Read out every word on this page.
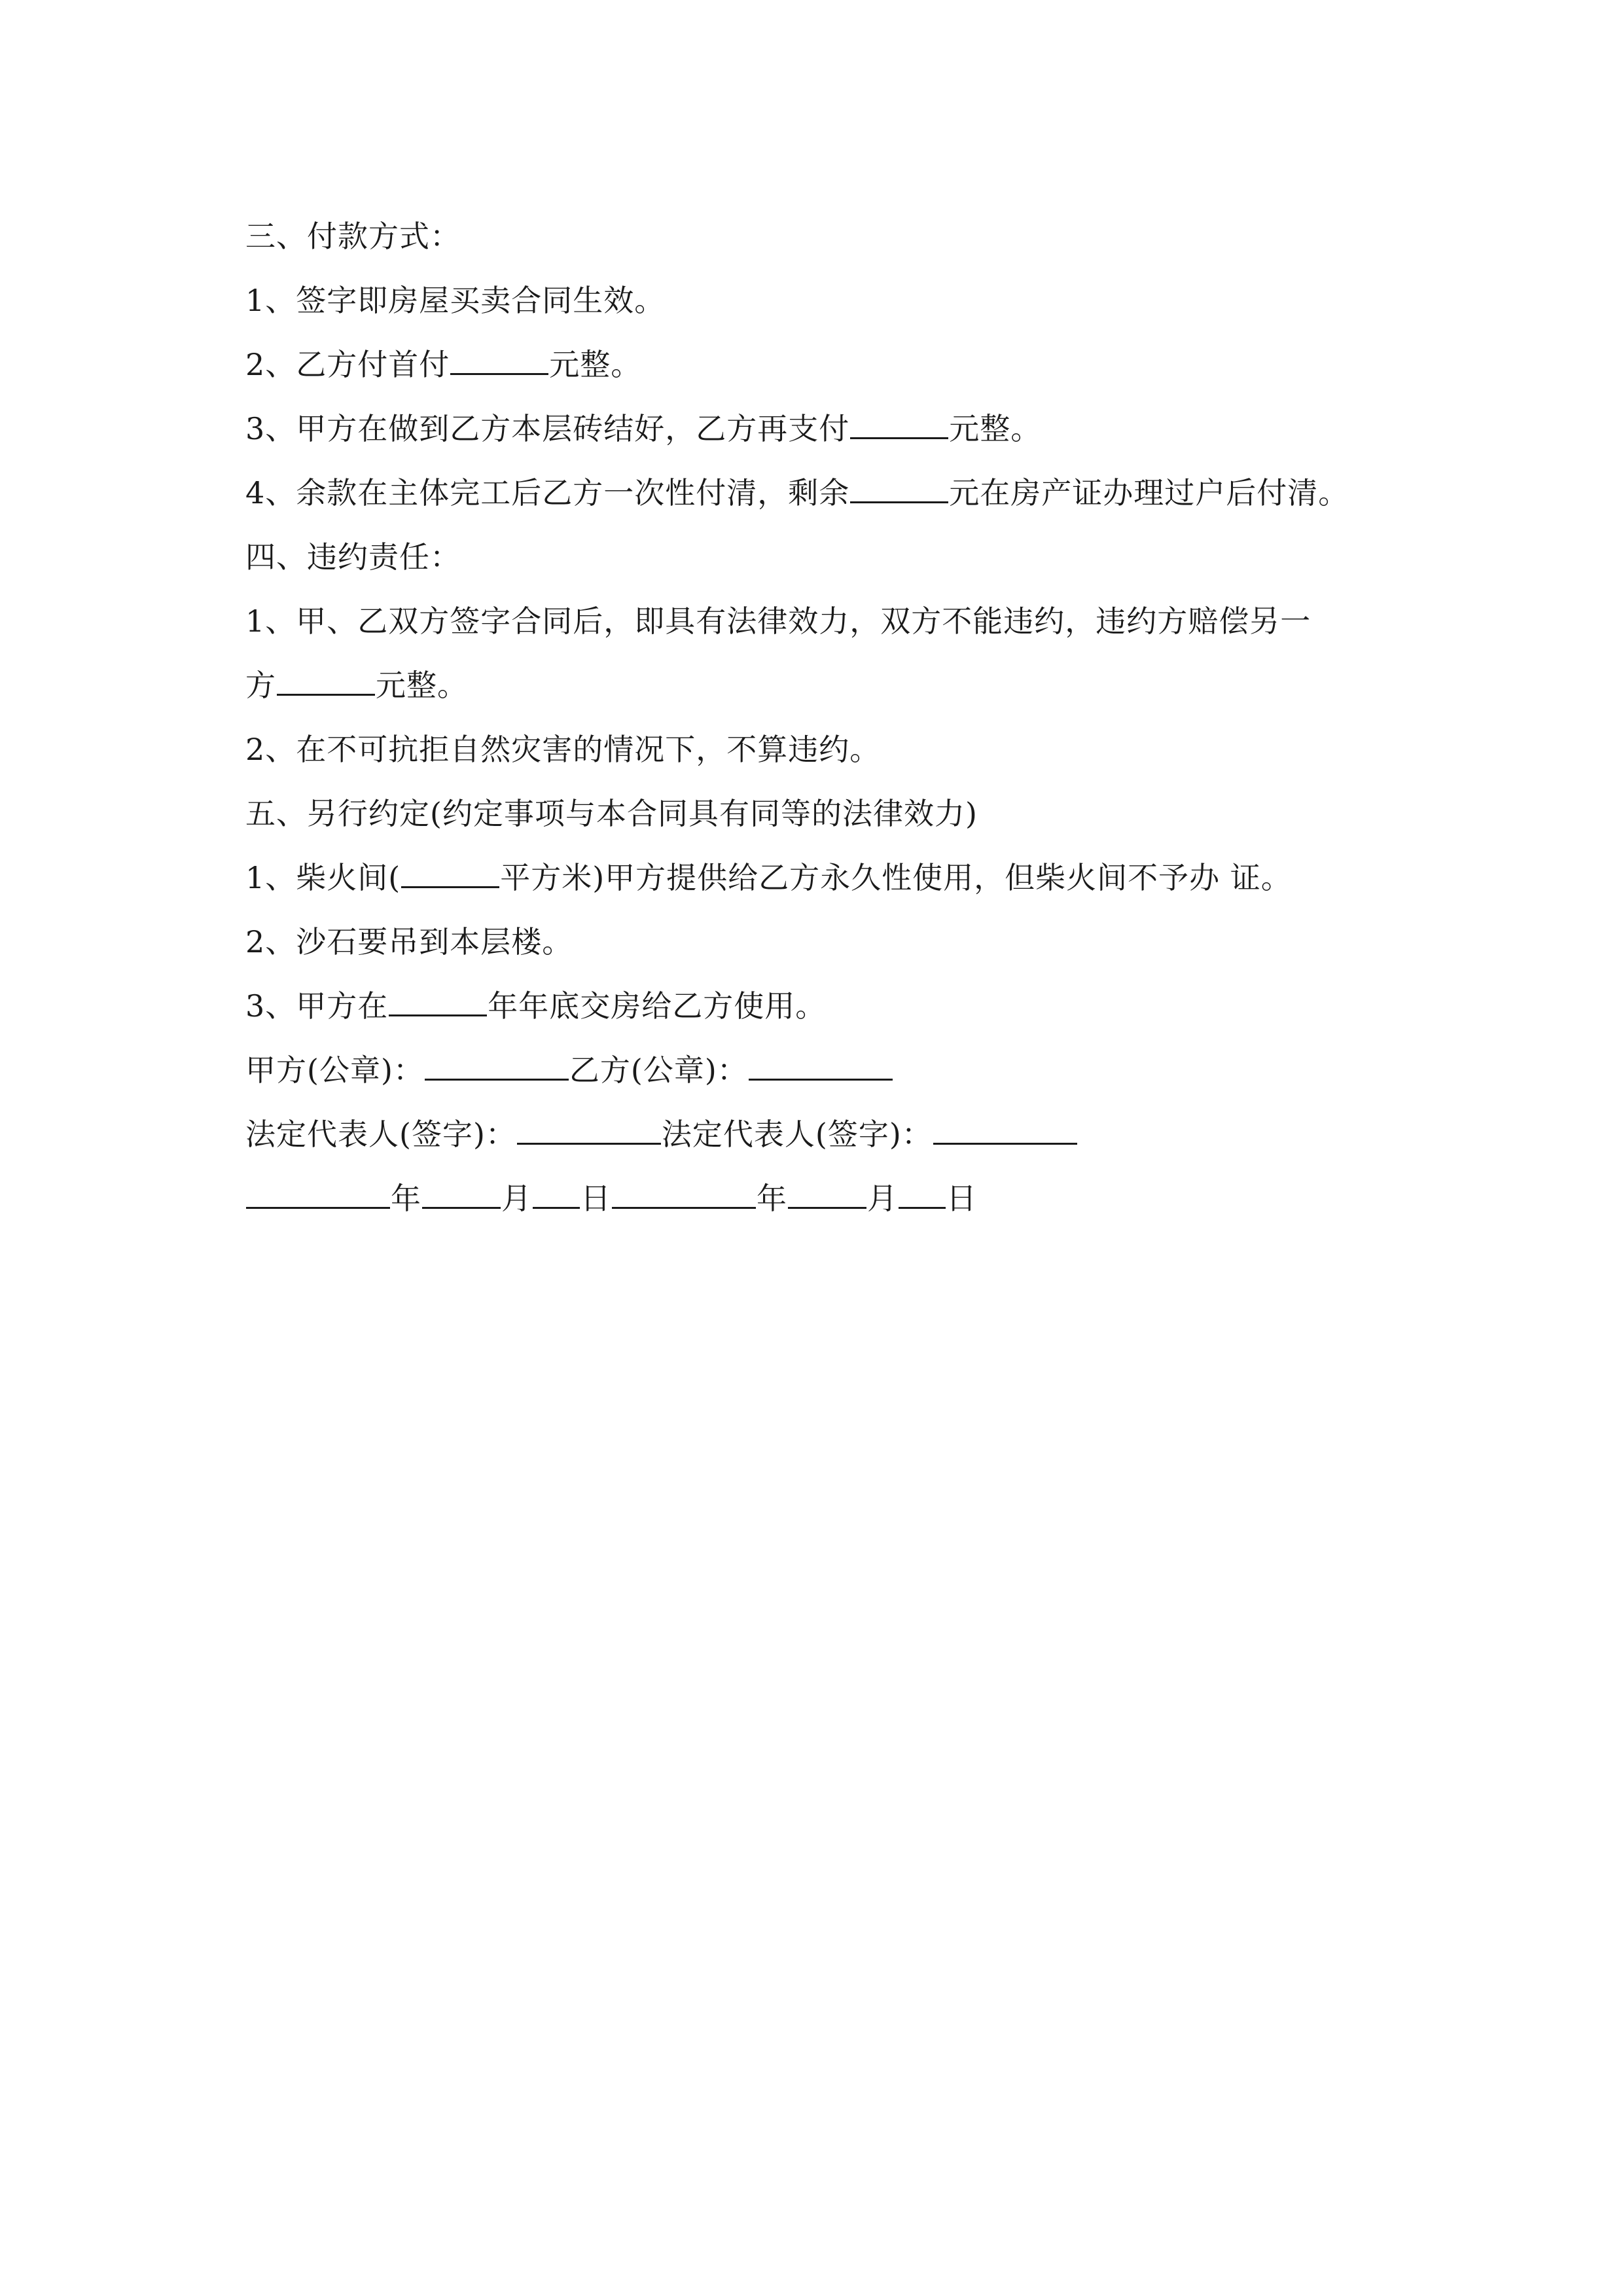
三、付款方式：
1、签字即房屋买卖合同生效。
2、乙方付首付	元整。
3、甲方在做到乙方本层砖结好，乙方再支付	元整。
4、余款在主体完工后乙方一次性付清，剩余	元在房产证办理过户后付清。
四、违约责任：
1、甲、乙双方签字合同后，即具有法律效力，双方不能违约，违约方赔偿另一
方	元整。
2、在不可抗拒自然灾害的情况下，不算违约。
五、另行约定(约定事项与本合同具有同等的法律效力)
1、柴火间(	平方米)甲方提供给乙方永久性使用，但柴火间不予办 证。
2、沙石要吊到本层楼。
3、甲方在	年年底交房给乙方使用。
甲方(公章)：	乙方(公章)：
法定代表人(签字)：	法定代表人(签字)：
年	月 日	年	月 日
